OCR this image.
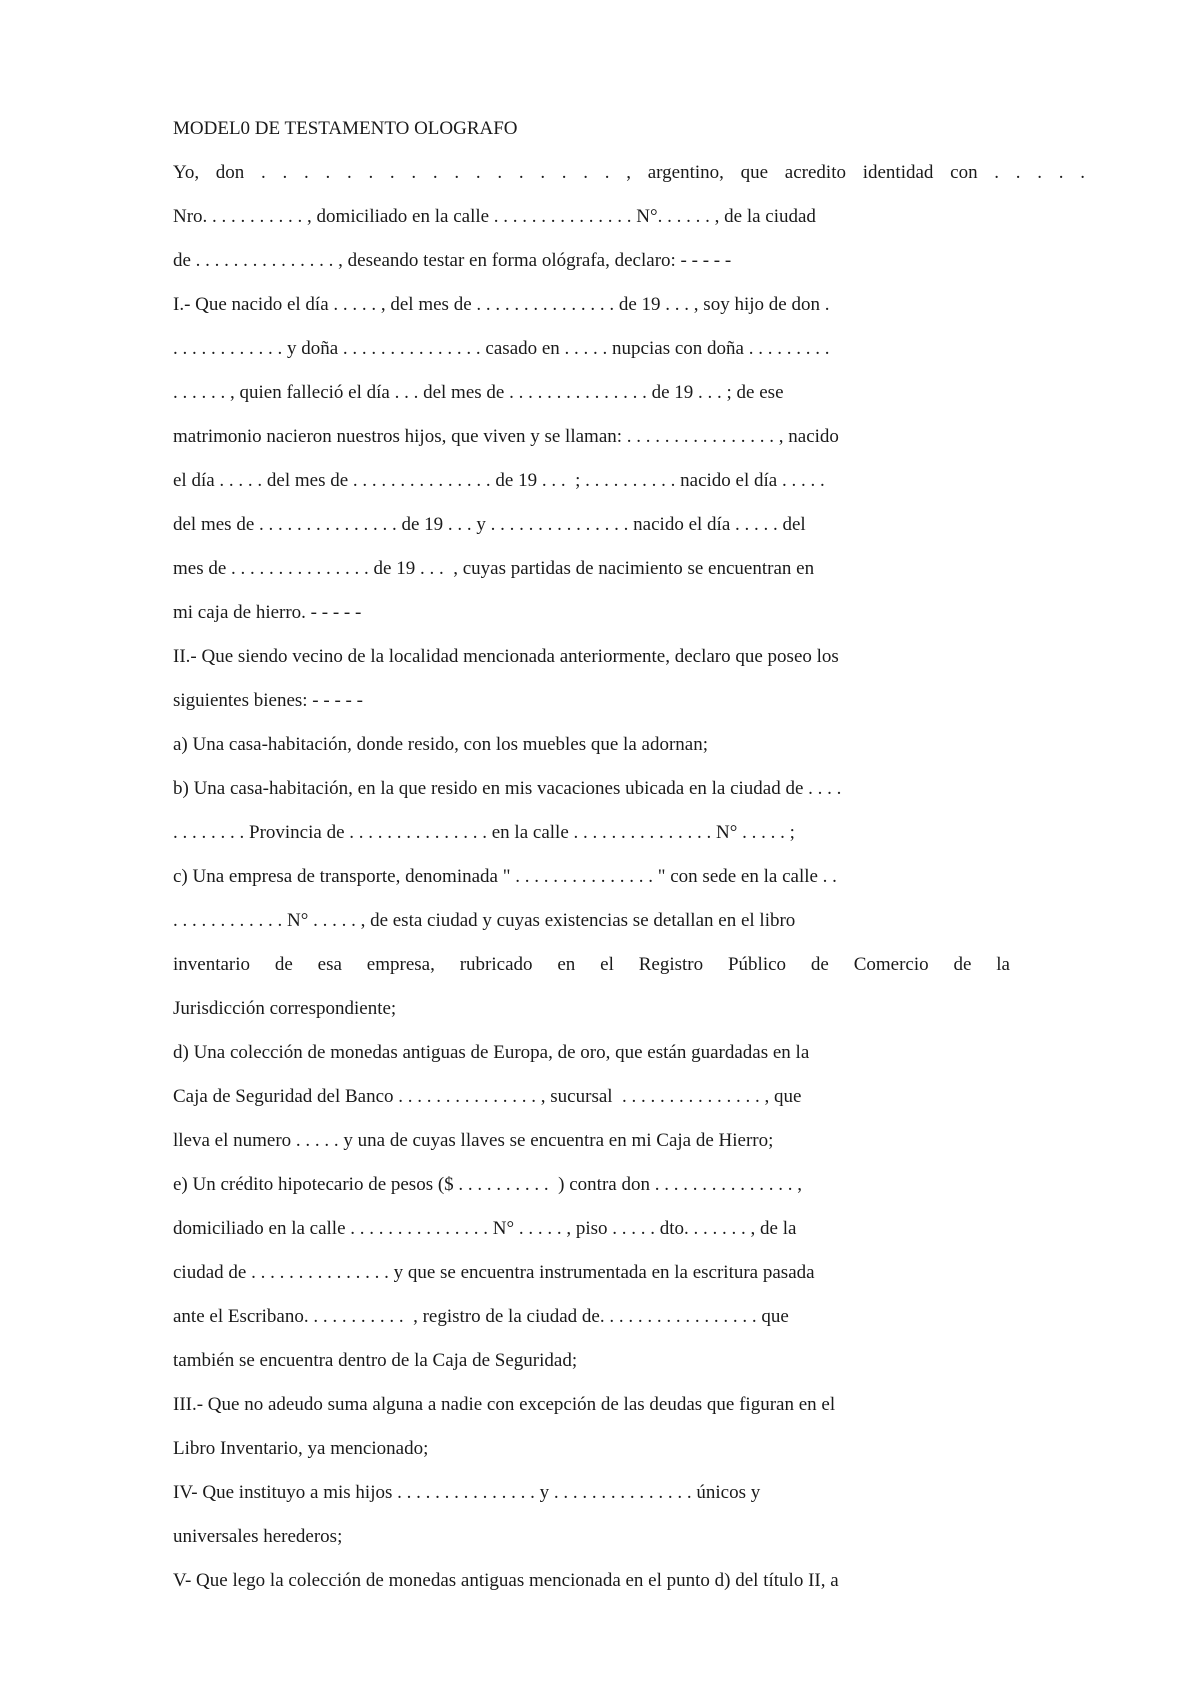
MODEL0 DE TESTAMENTO OLOGRAFO
Yo, don . . . . . . . . . . . . . . . . . , argentino, que acredito identidad con . . . . .
Nro. . . . . . . . . . . , domiciliado en la calle . . . . . . . . . . . . . . . N°. . . . . . , de la ciudad
de . . . . . . . . . . . . . . . , deseando testar en forma ológrafa, declaro: - - - - -
I.- Que nacido el día . . . . . , del mes de . . . . . . . . . . . . . . . de 19 . . . , soy hijo de don .
. . . . . . . . . . . . y doña . . . . . . . . . . . . . . . casado en . . . . . nupcias con doña . . . . . . . . .
. . . . . . , quien falleció el día . . . del mes de . . . . . . . . . . . . . . . de 19 . . . ; de ese
matrimonio nacieron nuestros hijos, que viven y se llaman: . . . . . . . . . . . . . . . . , nacido
el día . . . . . del mes de . . . . . . . . . . . . . . . de 19 . . .  ; . . . . . . . . . . nacido el día . . . . .
del mes de . . . . . . . . . . . . . . . de 19 . . . y . . . . . . . . . . . . . . . nacido el día . . . . . del
mes de . . . . . . . . . . . . . . . de 19 . . .  , cuyas partidas de nacimiento se encuentran en
mi caja de hierro. - - - - -
II.- Que siendo vecino de la localidad mencionada anteriormente, declaro que poseo los
siguientes bienes: - - - - -
a) Una casa-habitación, donde resido, con los muebles que la adornan;
b) Una casa-habitación, en la que resido en mis vacaciones ubicada en la ciudad de . . . .
. . . . . . . . Provincia de . . . . . . . . . . . . . . . en la calle . . . . . . . . . . . . . . . N° . . . . . ;
c) Una empresa de transporte, denominada " . . . . . . . . . . . . . . . " con sede en la calle . .
. . . . . . . . . . . . N° . . . . . , de esta ciudad y cuyas existencias se detallan en el libro
inventario de esa empresa, rubricado en el Registro Público de Comercio de la
Jurisdicción correspondiente;
d) Una colección de monedas antiguas de Europa, de oro, que están guardadas en la
Caja de Seguridad del Banco . . . . . . . . . . . . . . . , sucursal  . . . . . . . . . . . . . . . , que
lleva el numero . . . . . y una de cuyas llaves se encuentra en mi Caja de Hierro;
e) Un crédito hipotecario de pesos ($ . . . . . . . . . .  ) contra don . . . . . . . . . . . . . . . ,
domiciliado en la calle . . . . . . . . . . . . . . . N° . . . . . , piso . . . . . dto. . . . . . . , de la
ciudad de . . . . . . . . . . . . . . . y que se encuentra instrumentada en la escritura pasada
ante el Escribano. . . . . . . . . . .  , registro de la ciudad de. . . . . . . . . . . . . . . . . que
también se encuentra dentro de la Caja de Seguridad;
III.- Que no adeudo suma alguna a nadie con excepción de las deudas que figuran en el
Libro Inventario, ya mencionado;
IV- Que instituyo a mis hijos . . . . . . . . . . . . . . . y . . . . . . . . . . . . . . . únicos y
universales herederos;
V- Que lego la colección de monedas antiguas mencionada en el punto d) del título II, a
